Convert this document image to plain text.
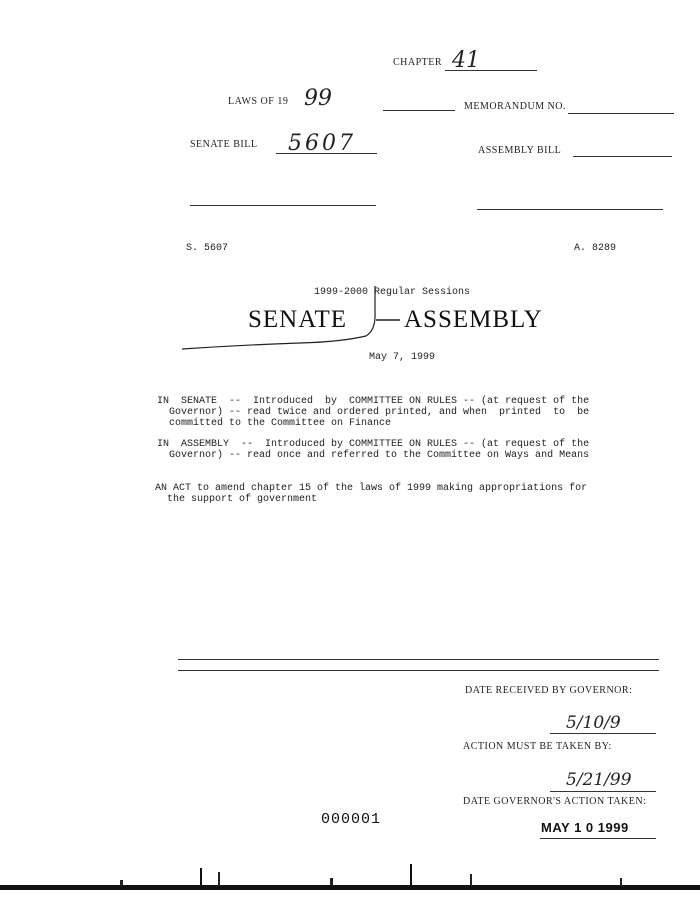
CHAPTER 41
LAWS OF 19 99	MEMORANDUM NO.
SENATE BILL 5607	ASSEMBLY BILL
S. 5607	A. 8289
1999-2000 Regular Sessions
SENATE ASSEMBLY
May 7, 1999
IN  SENATE  --  Introduced  by  COMMITTEE ON RULES -- (at request of the
Governor) -- read twice and ordered printed, and when  printed  to  be
committed to the Committee on Finance
IN  ASSEMBLY  --  Introduced by COMMITTEE ON RULES -- (at request of the
Governor) -- read once and referred to the Committee on Ways and Means
AN ACT to amend chapter 15 of the laws of 1999 making appropriations for
the support of government
DATE RECEIVED BY GOVERNOR:
5/10/9
ACTION MUST BE TAKEN BY:
5/21/99
DATE GOVERNOR'S ACTION TAKEN:
000001	MAY 1 0 1999
